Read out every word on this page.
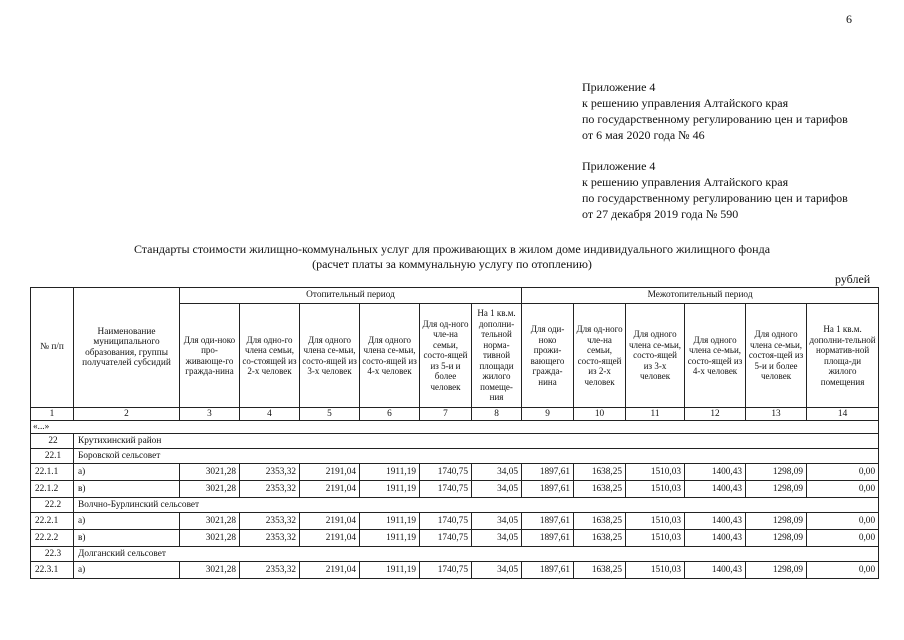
6
Приложение 4
к решению управления Алтайского края
по государственному регулированию цен и тарифов
от 6 мая 2020 года № 46
Приложение 4
к решению управления Алтайского края
по государственному регулированию цен и тарифов
от 27 декабря 2019 года № 590
Стандарты стоимости жилищно-коммунальных услуг для проживающих в жилом доме индивидуального жилищного фонда
(расчет платы за коммунальную услугу по отоплению)
рублей
№ п/п	Наименование муниципального образования, группы получателей субсидий	Отопительный период						Межотопительный период					
		Для оди-ноко про-живающе-го гражда-нина	Для одно-го члена семьи, со-стоящей из 2-х человек	Для одного члена се-мьи, состо-ящей из 3-х человек	Для одного члена се-мьи, состо-ящей из 4-х человек	Для од-ного чле-на семьи, состо-ящей из 5-и и более человек	На 1 кв.м. дополни-тельной норма-тивной площади жилого помеще-ния	Для оди-ноко прожи-вающего гражда-нина	Для од-ного чле-на семьи, состо-ящей из 2-х человек	Для одного члена се-мьи, состо-ящей из 3-х человек	Для одного члена се-мьи, состо-ящей из 4-х человек	Для одного члена се-мьи, состоя-щей из 5-и и более человек	На 1 кв.м. дополни-тельной норматив-ной площа-ди жилого помещения
1	2	3	4	5	6	7	8	9	10	11	12	13	14
«...»													
22	Крутихинский район												
22.1	Боровской сельсовет												
22.1.1	а)	3021,28	2353,32	2191,04	1911,19	1740,75	34,05	1897,61	1638,25	1510,03	1400,43	1298,09	0,00
22.1.2	в)	3021,28	2353,32	2191,04	1911,19	1740,75	34,05	1897,61	1638,25	1510,03	1400,43	1298,09	0,00
22.2	Волчно-Бурлинский сельсовет												
22.2.1	а)	3021,28	2353,32	2191,04	1911,19	1740,75	34,05	1897,61	1638,25	1510,03	1400,43	1298,09	0,00
22.2.2	в)	3021,28	2353,32	2191,04	1911,19	1740,75	34,05	1897,61	1638,25	1510,03	1400,43	1298,09	0,00
22.3	Долганский сельсовет												
22.3.1	а)	3021,28	2353,32	2191,04	1911,19	1740,75	34,05	1897,61	1638,25	1510,03	1400,43	1298,09	0,00
